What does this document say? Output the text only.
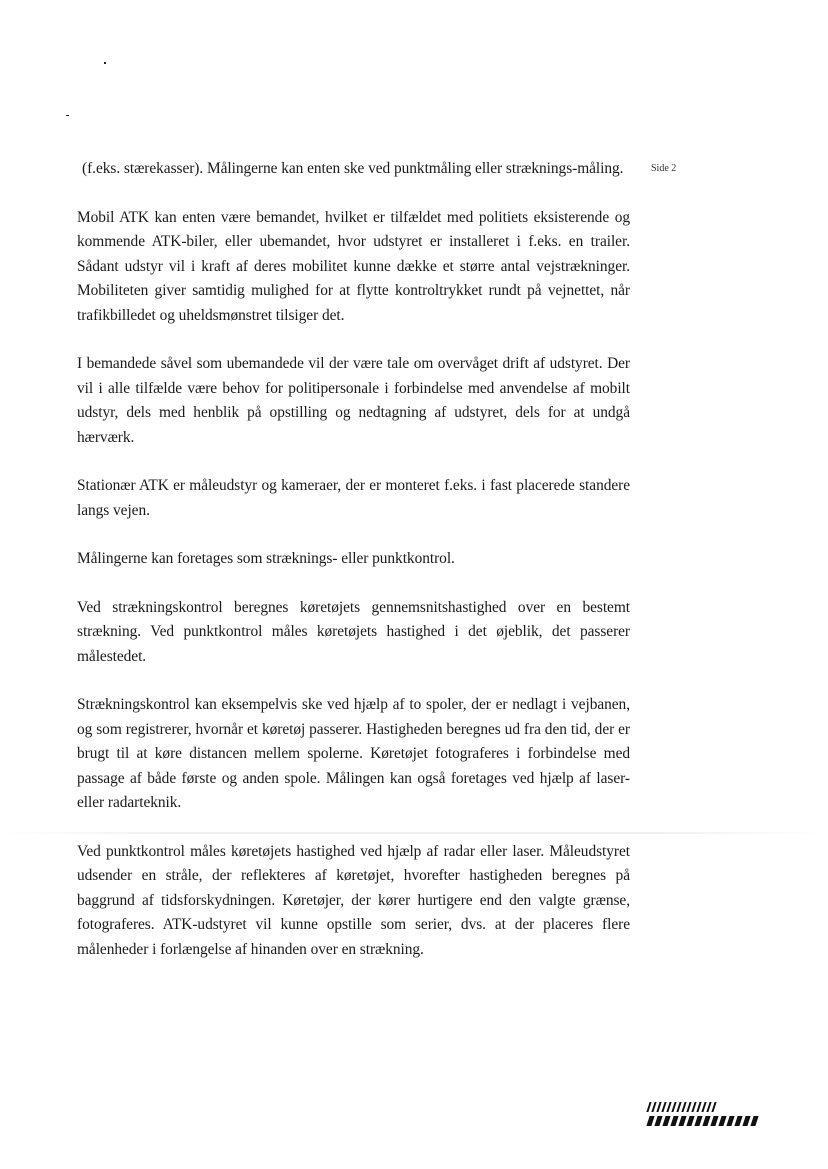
Side 2

(f.eks. stærekasser). Målingerne kan enten ske ved punktmåling eller stræknings-måling.

Mobil ATK kan enten være bemandet, hvilket er tilfældet med politiets eksisterende og kommende ATK-biler, eller ubemandet, hvor udstyret er installeret i f.eks. en trailer. Sådant udstyr vil i kraft af deres mobilitet kunne dække et større antal vejstrækninger. Mobiliteten giver samtidig mulighed for at flytte kontroltrykket rundt på vejnettet, når trafikbilledet og uheldsmønstret tilsiger det.

I bemandede såvel som ubemandede vil der være tale om overvåget drift af udstyret. Der vil i alle tilfælde være behov for politipersonale i forbindelse med anvendelse af mobilt udstyr, dels med henblik på opstilling og nedtagning af udstyret, dels for at undgå hærværk.

Stationær ATK er måleudstyr og kameraer, der er monteret f.eks. i fast placerede standere langs vejen.

Målingerne kan foretages som stræknings- eller punktkontrol.

Ved strækningskontrol beregnes køretøjets gennemsnitshastighed over en bestemt strækning. Ved punktkontrol måles køretøjets hastighed i det øjeblik, det passerer målestedet.

Strækningskontrol kan eksempelvis ske ved hjælp af to spoler, der er nedlagt i vejbanen, og som registrerer, hvornår et køretøj passerer. Hastigheden beregnes ud fra den tid, der er brugt til at køre distancen mellem spolerne. Køretøjet fotograferes i forbindelse med passage af både første og anden spole. Målingen kan også foretages ved hjælp af laser- eller radarteknik.

Ved punktkontrol måles køretøjets hastighed ved hjælp af radar eller laser. Måleudstyret udsender en stråle, der reflekteres af køretøjet, hvorefter hastigheden beregnes på baggrund af tidsforskydningen. Køretøjer, der kører hurtigere end den valgte grænse, fotograferes. ATK-udstyret vil kunne opstille som serier, dvs. at der placeres flere målenheder i forlængelse af hinanden over en strækning.
